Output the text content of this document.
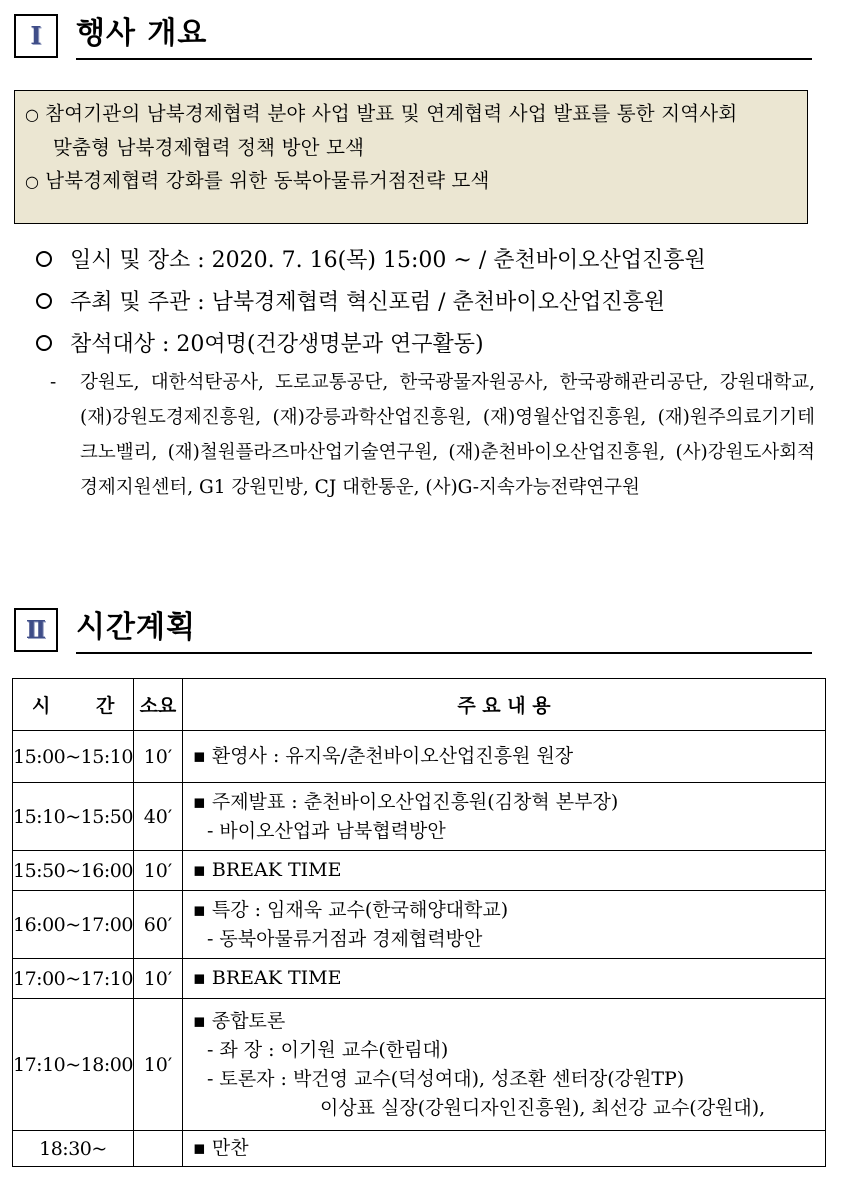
Ⅰ	행사 개요
○ 참여기관의 남북경제협력 분야 사업 발표 및 연계협력 사업 발표를 통한 지역사회
맞춤형 남북경제협력 정책 방안 모색
○ 남북경제협력 강화를 위한 동북아물류거점전략 모색
일시 및 장소 : 2020. 7. 16(목) 15:00 ~ / 춘천바이오산업진흥원
주최 및 주관 : 남북경제협력 혁신포럼 / 춘천바이오산업진흥원
참석대상 : 20여명(건강생명분과 연구활동)
- 강원도, 대한석탄공사, 도로교통공단, 한국광물자원공사, 한국광해관리공단, 강원대학교, (재)강원도경제진흥원, (재)강릉과학산업진흥원, (재)영월산업진흥원, (재)원주의료기기테크노밸리, (재)철원플라즈마산업기술연구원, (재)춘천바이오산업진흥원, (사)강원도사회적경제지원센터, G1 강원민방, CJ 대한통운, (사)G-지속가능전략연구원
Ⅱ 시간계획
시 간	소요	주 요 내 용
15:00~15:10	10′	▪ 환영사 : 유지욱/춘천바이오산업진흥원 원장

15:10~15:50	40′	▪ 주제발표 : 춘천바이오산업진흥원(김창혁 본부장)
- 바이오산업과 남북협력방안

15:50~16:00	10′	▪ BREAK TIME

16:00~17:00	60′	▪ 특강 : 임재욱 교수(한국해양대학교)
- 동북아물류거점과 경제협력방안

17:00~17:10	10′	▪ BREAK TIME

17:10~18:00	10′	▪ 종합토론
- 좌 장 : 이기원 교수(한림대)
- 토론자 : 박건영 교수(덕성여대), 성조환 센터장(강원TP)
이상표 실장(강원디자인진흥원), 최선강 교수(강원대),

18:30~		▪ 만찬
